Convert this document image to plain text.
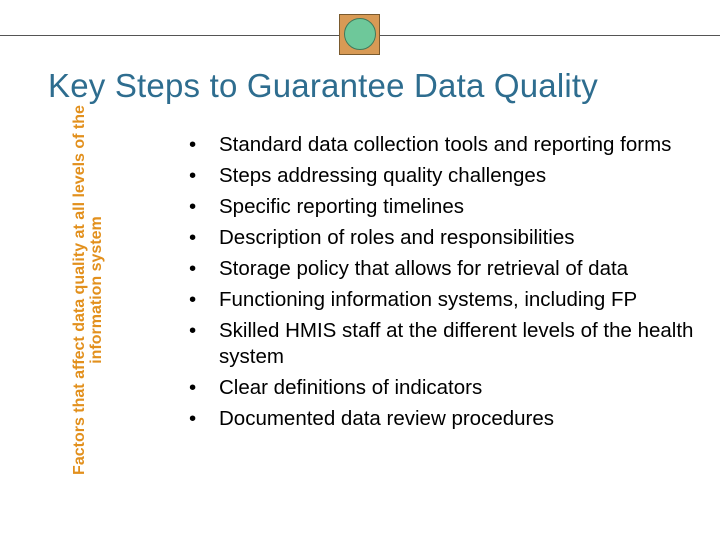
Key Steps to Guarantee Data Quality
Factors that affect data quality at all levels of the information system
•	Standard data collection tools and reporting forms
•	Steps addressing quality challenges
•	Specific reporting timelines
•	Description of roles and responsibilities
•	Storage policy that allows for retrieval of data
•	Functioning information systems, including FP
•	Skilled HMIS staff at the different levels of the health system
•	Clear definitions of indicators
•	Documented data review procedures
